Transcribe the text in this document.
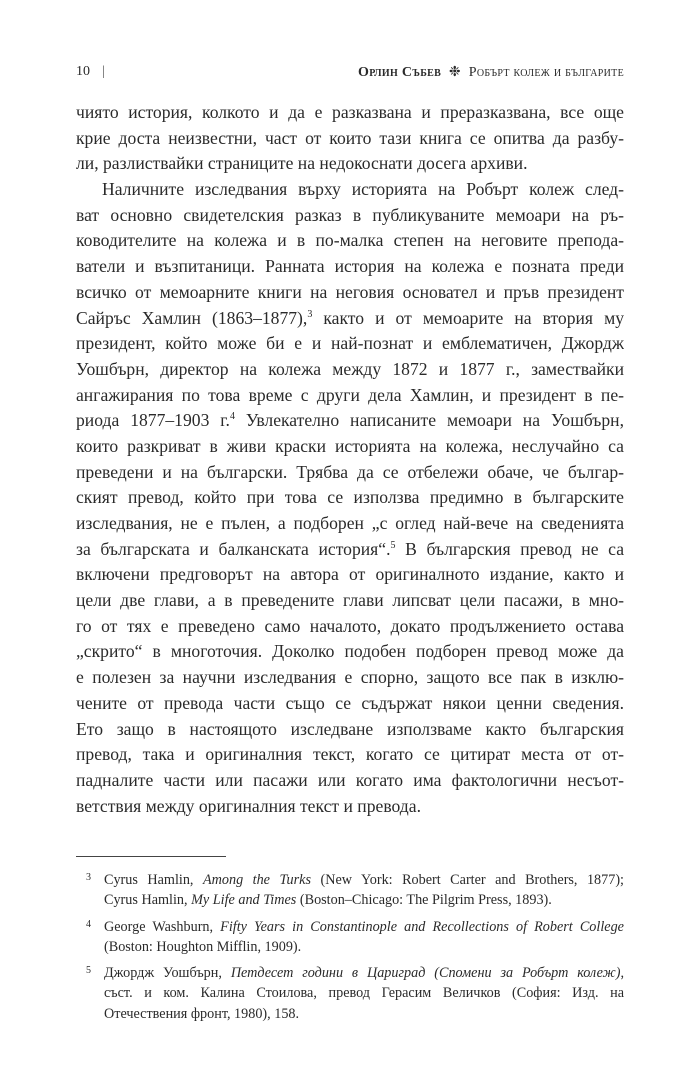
10 |	Орлин Събев ❉ Робърт колеж и българите
чиято история, колкото и да е разказвана и преразказвана, все още
крие доста неизвестни, част от които тази книга се опитва да разбу-
ли, разлиствайки страниците на недокоснати досега архиви.
Наличните изследвания върху историята на Робърт колеж след-
ват основно свидетелския разказ в публикуваните мемоари на ръ-
ководителите на колежа и в по-малка степен на неговите препода-
ватели и възпитаници. Ранната история на колежа е позната преди
всичко от мемоарните книги на неговия основател и пръв президент
Сайръс Хамлин (1863–1877),$^3$ както и от мемоарите на втория му
президент, който може би е и най-познат и емблематичен, Джордж
Уошбърн, директор на колежа между 1872 и 1877 г., замествайки
ангажирания по това време с други дела Хамлин, и президент в пе-
риода 1877–1903 г.$^4$ Увлекателно написаните мемоари на Уошбърн,
които разкриват в живи краски историята на колежа, неслучайно са
преведени и на български. Трябва да се отбележи обаче, че българ-
ският превод, който при това се използва предимно в българските
изследвания, не е пълен, а подборен „с оглед най-вече на сведенията
за българската и балканската история“.$^5$ В българския превод не са
включени предговорът на автора от оригиналното издание, както и
цели две глави, а в преведените глави липсват цели пасажи, в мно-
го от тях е преведено само началото, докато продължението остава
„скрито“ в многоточия. Доколко подобен подборен превод може да
е полезен за научни изследвания е спорно, защото все пак в изклю-
чените от превода части също се съдържат някои ценни сведения.
Ето защо в настоящото изследване използваме както българския
превод, така и оригиналния текст, когато се цитират места от от-
падналите части или пасажи или когато има фактологични несъот-
ветствия между оригиналния текст и превода.
3 Cyrus Hamlin, Among the Turks (New York: Robert Carter and Brothers, 1877);
Cyrus Hamlin, My Life and Times (Boston–Chicago: The Pilgrim Press, 1893).
4 George Washburn, Fifty Years in Constantinople and Recollections of Robert College
(Boston: Houghton Mifflin, 1909).
5 Джордж Уошбърн, Петдесет години в Цариград (Спомени за Робърт колеж),
съст. и ком. Калина Стоилова, превод Герасим Величков (София: Изд. на
Отечествения фронт, 1980), 158.
